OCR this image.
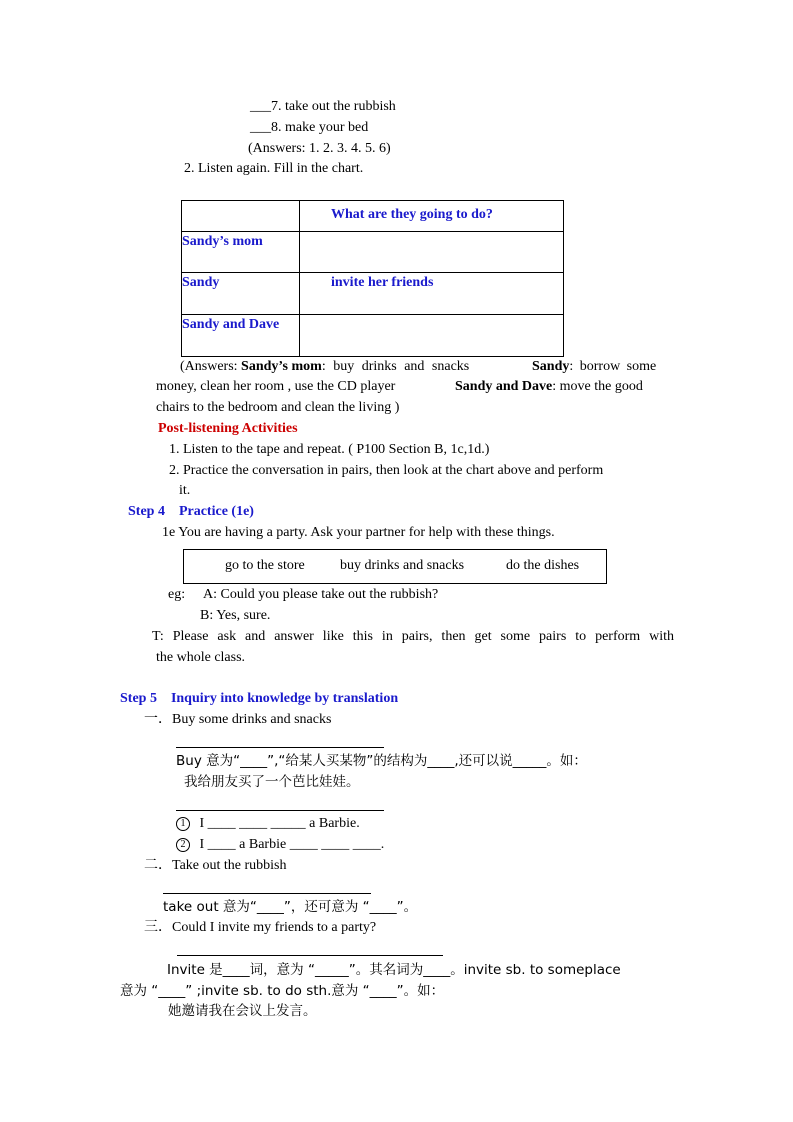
___7. take out the rubbish
___8. make your bed
(Answers: 1. 2. 3. 4. 5. 6)
2. Listen again. Fill in the chart.
	What are they going to do?
Sandy’s mom	
Sandy	invite her friends
Sandy and Dave	
(Answers: Sandy’s mom: buy drinks and snacks	Sandy: borrow some
money, clean her room , use the CD player	Sandy and Dave: move the good
chairs to the bedroom and clean the living )
Post-listening Activities
1. Listen to the tape and repeat. ( P100 Section B, 1c,1d.)
2. Practice the conversation in pairs, then look at the chart above and perform
it.
Step 4    Practice (1e)
1e You are having a party. Ask your partner for help with these things.
go to the store	buy drinks and snacks	do the dishes
eg: A: Could you please take out the rubbish?
B: Yes, sure.
T: Please ask and answer like this in pairs, then get some pairs to perform with
the whole class.
Step 5    Inquiry into knowledge by translation
一．Buy some drinks and snacks
Buy 意为“____”,“给某人买某物”的结构为____,还可以说_____。如：
我给朋友买了一个芭比娃娃。
1 I ____ ____ _____ a Barbie.
2 I ____ a Barbie ____ ____ ____.
二．Take out the rubbish
take out 意为“____”，还可意为 “____”。
三．Could I invite my friends to a party?
Invite 是____词，意为 “_____”。其名词为____。invite sb. to someplace
意为 “____” ;invite sb. to do sth.意为 “____”。如：
她邀请我在会议上发言。
